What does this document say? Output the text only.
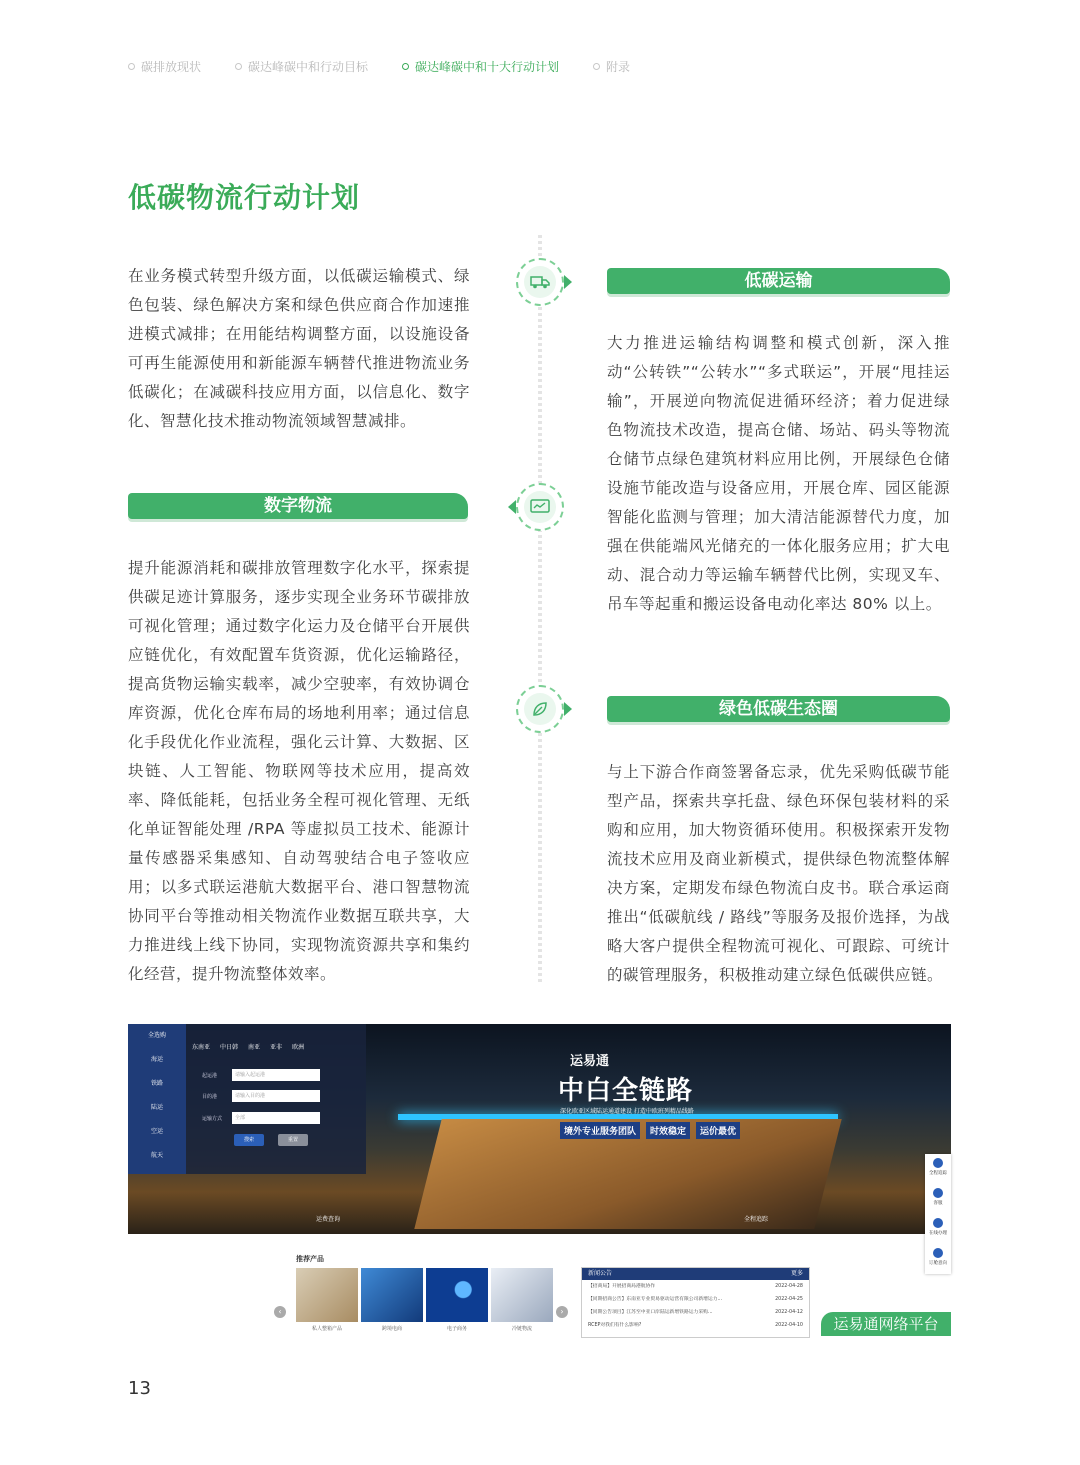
碳排放现状	碳达峰碳中和行动目标	碳达峰碳中和十大行动计划	附录
低碳物流行动计划
在业务模式转型升级方面，以低碳运输模式、绿色包装、绿色解决方案和绿色供应商合作加速推进模式减排；在用能结构调整方面，以设施设备可再生能源使用和新能源车辆替代推进物流业务低碳化；在减碳科技应用方面，以信息化、数字化、智慧化技术推动物流领域智慧减排。
低碳运输
大力推进运输结构调整和模式创新，深入推动“公转铁”“公转水”“多式联运”，开展“甩挂运输”，开展逆向物流促进循环经济；着力促进绿色物流技术改造，提高仓储、场站、码头等物流仓储节点绿色建筑材料应用比例，开展绿色仓储设施节能改造与设备应用，开展仓库、园区能源智能化监测与管理；加大清洁能源替代力度，加强在供能端风光储充的一体化服务应用；扩大电动、混合动力等运输车辆替代比例，实现叉车、吊车等起重和搬运设备电动化率达 80% 以上。
绿色低碳生态圈
与上下游合作商签署备忘录，优先采购低碳节能型产品，探索共享托盘、绿色环保包装材料的采购和应用，加大物资循环使用。积极探索开发物流技术应用及商业新模式，提供绿色物流整体解决方案，定期发布绿色物流白皮书。联合承运商推出“低碳航线 / 路线”等服务及报价选择，为战略大客户提供全程物流可视化、可跟踪、可统计的碳管理服务，积极推动建立绿色低碳供应链。
数字物流
提升能源消耗和碳排放管理数字化水平，探索提供碳足迹计算服务，逐步实现全业务环节碳排放可视化管理；通过数字化运力及仓储平台开展供应链优化，有效配置车货资源，优化运输路径，提高货物运输实载率，减少空驶率，有效协调仓库资源，优化仓库布局的场地利用率；通过信息化手段优化作业流程，强化云计算、大数据、区块链、人工智能、物联网等技术应用，提高效率、降低能耗，包括业务全程可视化管理、无纸化单证智能处理 /RPA 等虚拟员工技术、能源计量传感器采集感知、自动驾驶结合电子签收应用；以多式联运港航大数据平台、港口智慧物流协同平台等推动相关物流作业数据互联共享，大力推进线上线下协同，实现物流资源共享和集约化经营，提升物流整体效率。
全选购
海运
铁路
陆运
空运
航天
东南亚 中日韩 南亚 亚非 欧洲
起运港	请输入起运港
目的港	请输入目的港
运输方式	全部
搜索	重置
运易通
中白全链路
深化欧亚区域陆运通道建设 打造中欧班列精品线路
境外专业服务团队	时效稳定	运价最优
运费查询	全程追踪
全程追踪
客服
在线办理
订舱意向
推荐产品
‹
私人整箱产品	跨境电商	电子商务	冷链物流
›
新闻公告	更多
【招商局】开展招商局港航协作	2022-04-28
【同期招商公告】东南亚专业贸易驱动运营有限公司新增运力...	2022-04-25
【同期公告项目】江苏至中亚口岸陆运新增铁路运力采购...	2022-04-12
RCEP对我们有什么影响?	2022-04-10	运易通网络平台
13
